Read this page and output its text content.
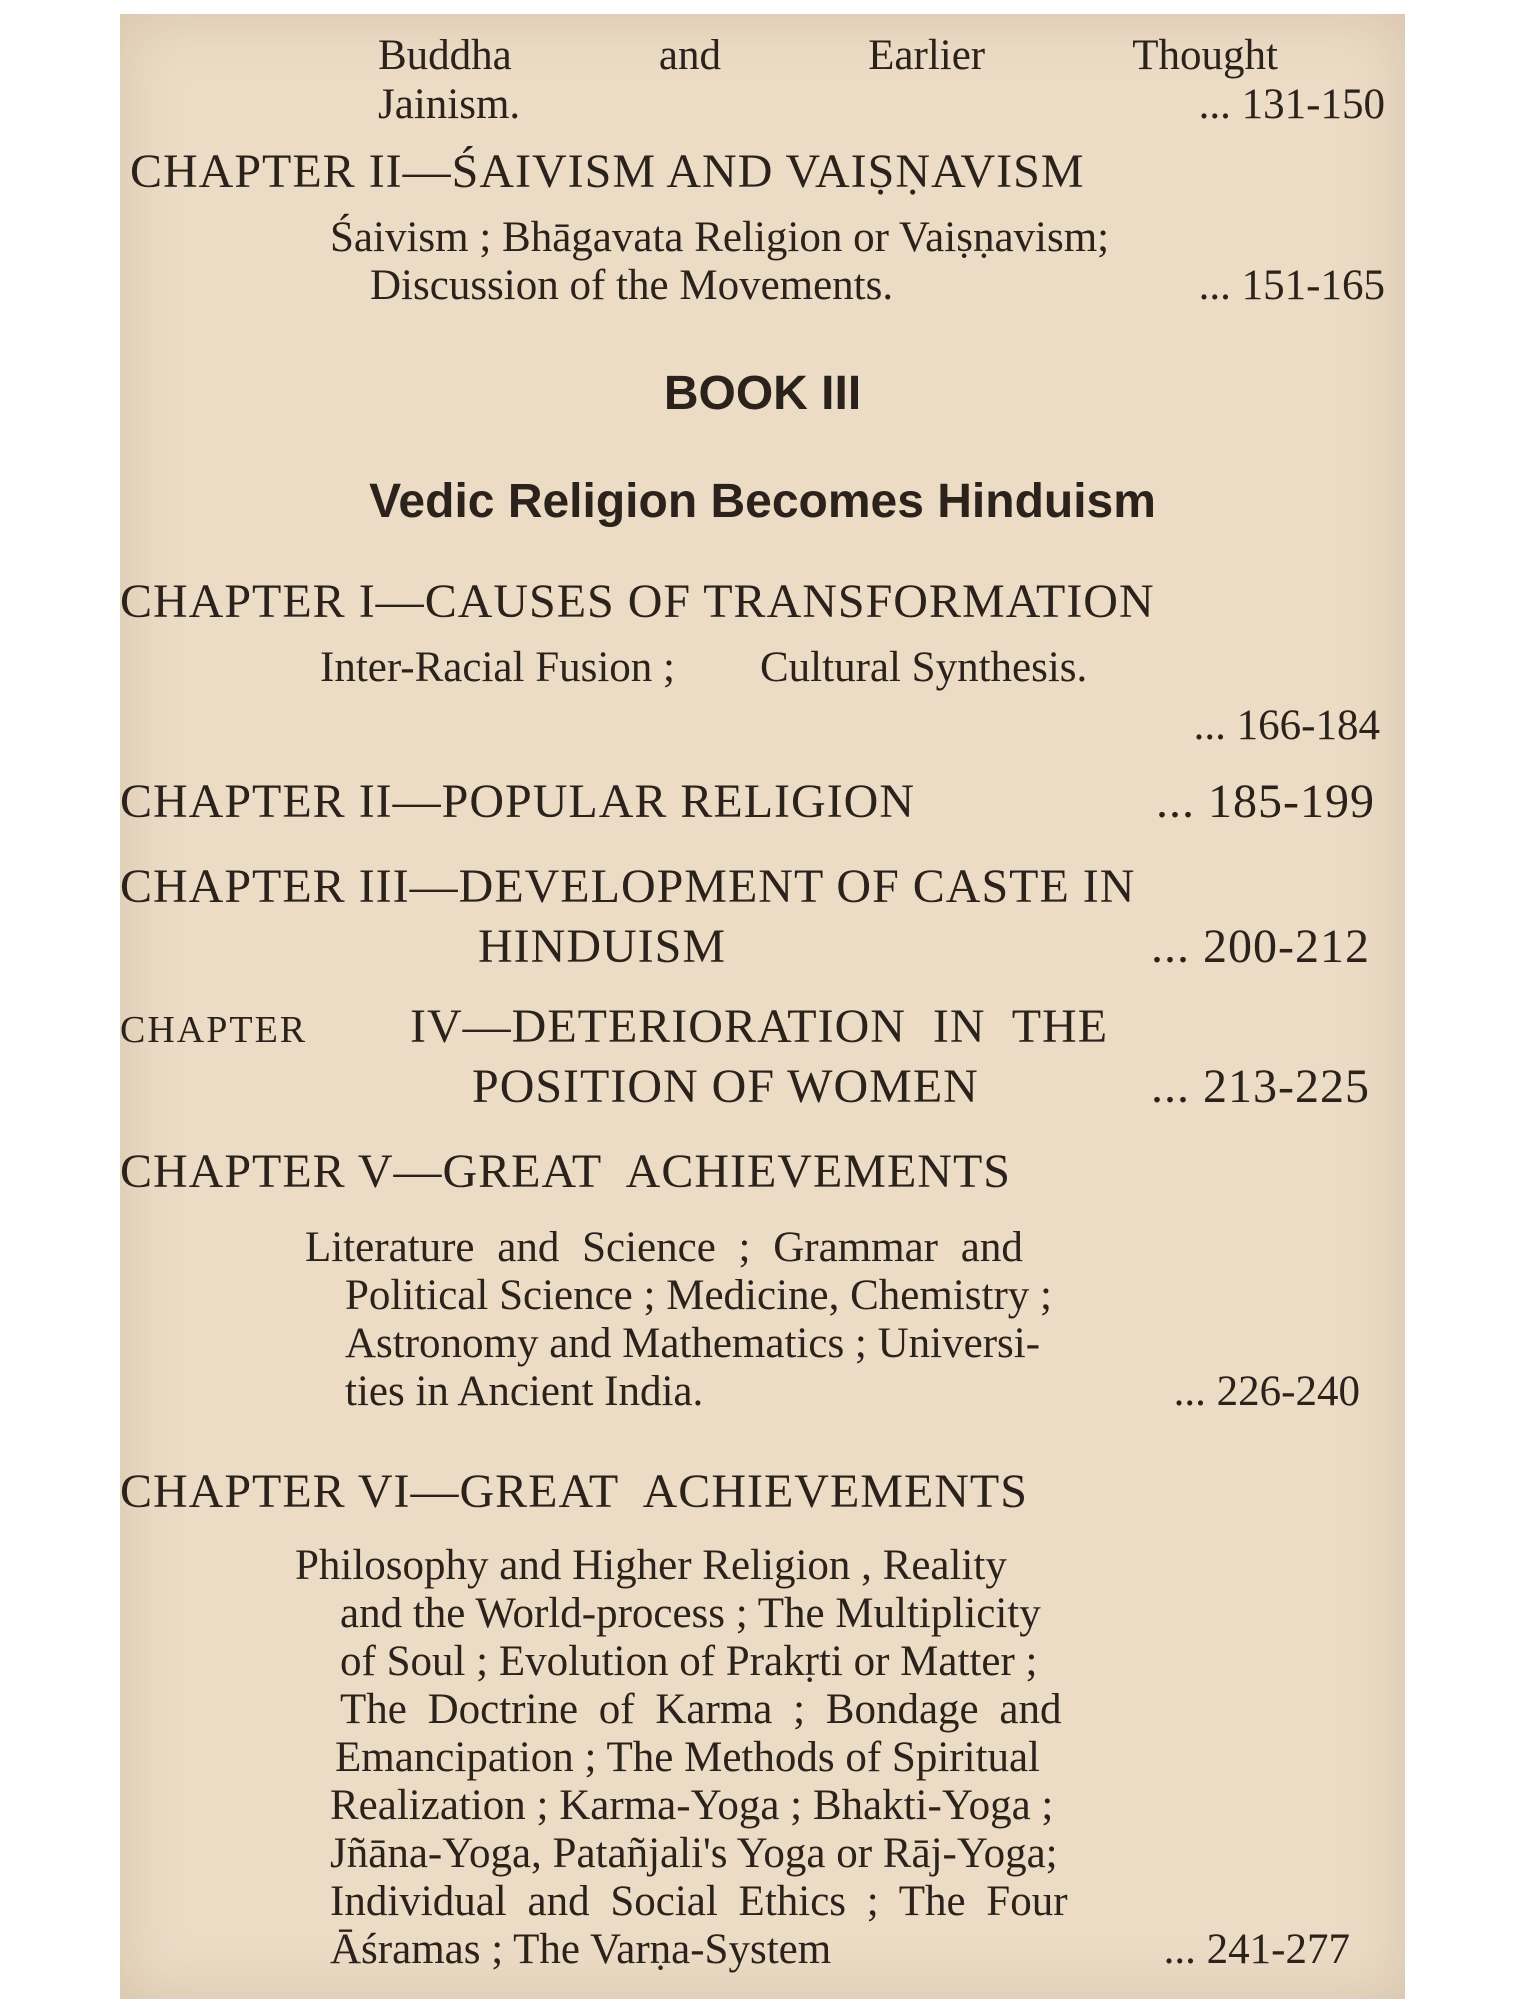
Buddha	and	Earlier	Thought
Jainism.	... 131-150
CHAPTER II—ŚAIVISM AND VAIṢṆAVISM
Śaivism ; Bhāgavata Religion or Vaiṣṇavism;
Discussion of the Movements.	... 151-165
BOOK III
Vedic Religion Becomes Hinduism
CHAPTER I—CAUSES OF TRANSFORMATION
Inter-Racial Fusion ; Cultural Synthesis.
... 166-184
CHAPTER II—POPULAR RELIGION	... 185-199
CHAPTER III—DEVELOPMENT OF CASTE IN
HINDUISM	... 200-212
CHAPTER IV—DETERIORATION IN THE
POSITION OF WOMEN	... 213-225
CHAPTER V—GREAT ACHIEVEMENTS
Literature and Science ; Grammar and
Political Science ; Medicine, Chemistry ;
Astronomy and Mathematics ; Universi-
ties in Ancient India.	... 226-240
CHAPTER VI—GREAT ACHIEVEMENTS
Philosophy and Higher Religion , Reality
and the World-process ; The Multiplicity
of Soul ; Evolution of Prakṛti or Matter ;
The Doctrine of Karma ; Bondage and
Emancipation ; The Methods of Spiritual
Realization ; Karma-Yoga ; Bhakti-Yoga ;
Jñāna-Yoga, Patañjali's Yoga or Rāj-Yoga;
Individual and Social Ethics ; The Four
Āśramas ; The Varṇa-System	... 241-277
